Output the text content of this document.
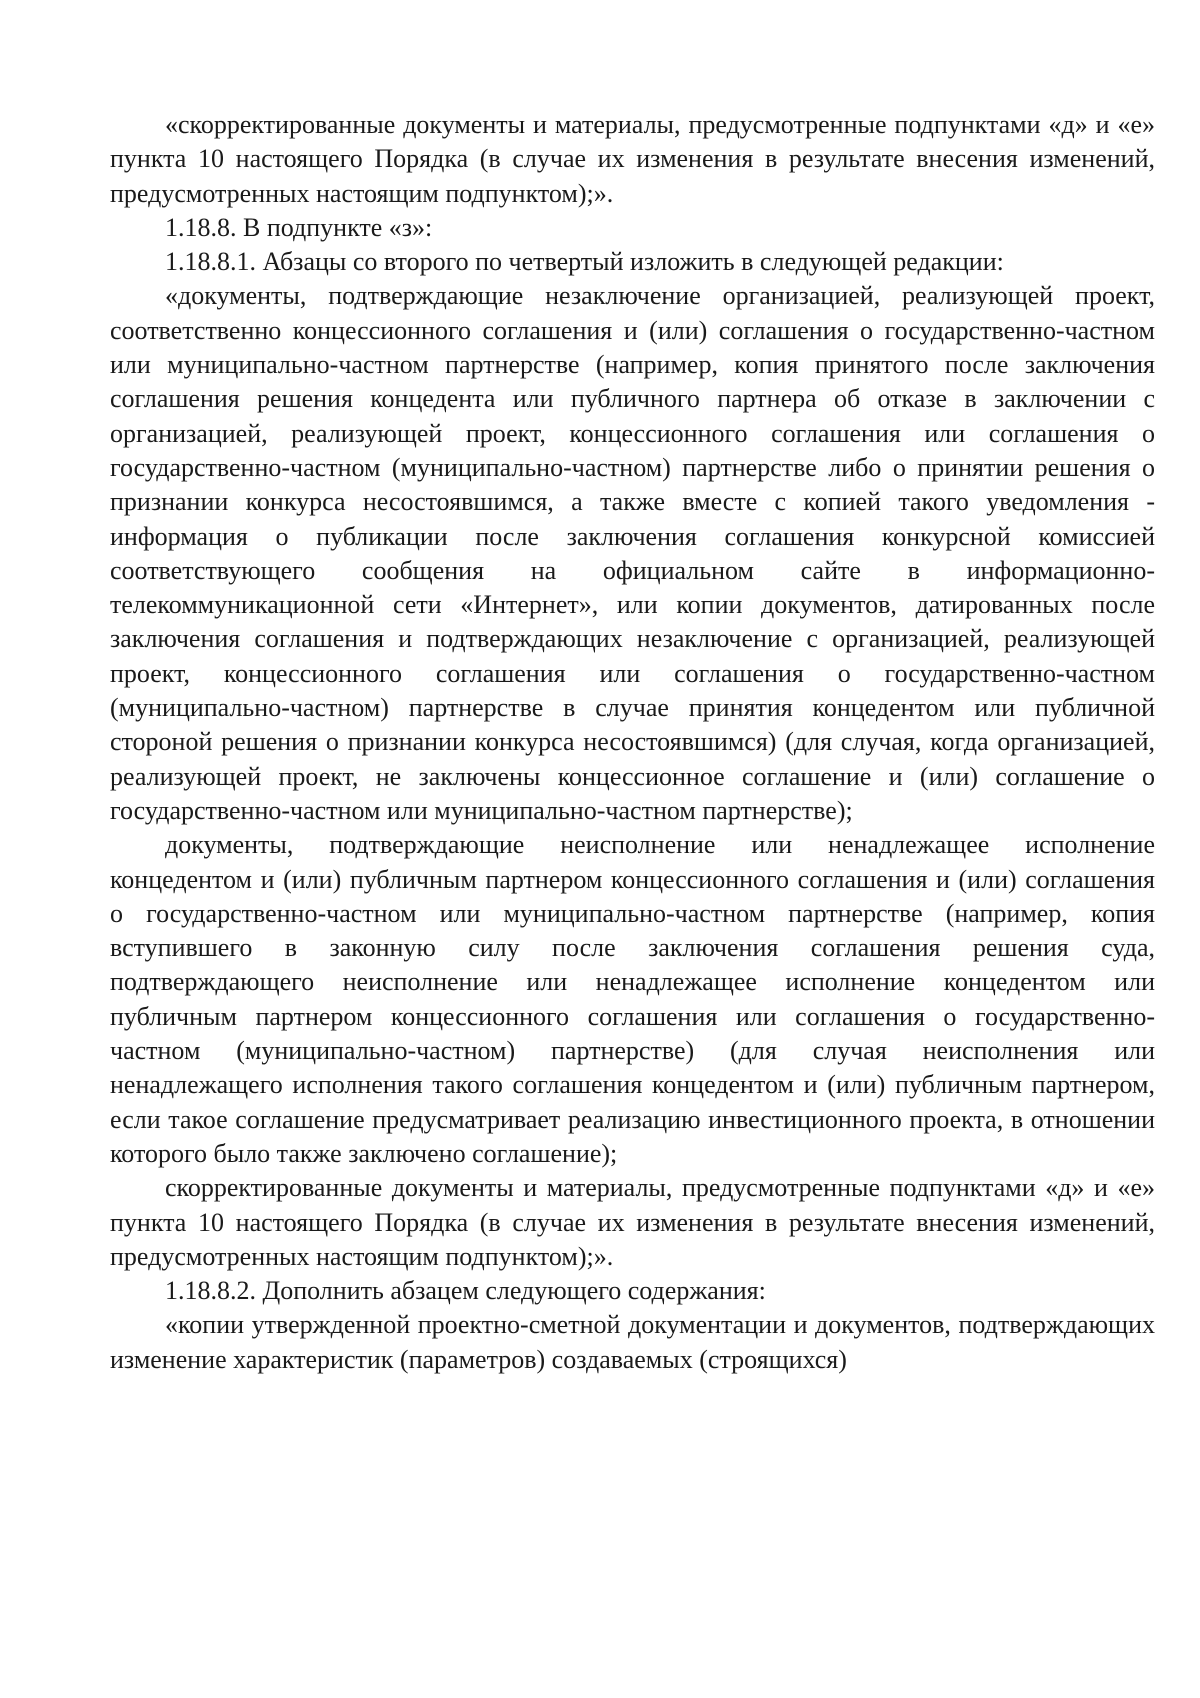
«скорректированные документы и материалы, предусмотренные подпунктами «д» и «е» пункта 10 настоящего Порядка (в случае их изменения в результате внесения изменений, предусмотренных настоящим подпунктом);».

1.18.8. В подпункте «з»:

1.18.8.1. Абзацы со второго по четвертый изложить в следующей редакции:

«документы, подтверждающие незаключение организацией, реализующей проект, соответственно концессионного соглашения и (или) соглашения о государственно-частном или муниципально-частном партнерстве (например, копия принятого после заключения соглашения решения концедента или публичного партнера об отказе в заключении с организацией, реализующей проект, концессионного соглашения или соглашения о государственно-частном (муниципально-частном) партнерстве либо о принятии решения о признании конкурса несостоявшимся, а также вместе с копией такого уведомления - информация о публикации после заключения соглашения конкурсной комиссией соответствующего сообщения на официальном сайте в информационно-телекоммуникационной сети «Интернет», или копии документов, датированных после заключения соглашения и подтверждающих незаключение с организацией, реализующей проект, концессионного соглашения или соглашения о государственно-частном (муниципально-частном) партнерстве в случае принятия концедентом или публичной стороной решения о признании конкурса несостоявшимся) (для случая, когда организацией, реализующей проект, не заключены концессионное соглашение и (или) соглашение о государственно-частном или муниципально-частном партнерстве);

документы, подтверждающие неисполнение или ненадлежащее исполнение концедентом и (или) публичным партнером концессионного соглашения и (или) соглашения о государственно-частном или муниципально-частном партнерстве (например, копия вступившего в законную силу после заключения соглашения решения суда, подтверждающего неисполнение или ненадлежащее исполнение концедентом или публичным партнером концессионного соглашения или соглашения о государственно-частном (муниципально-частном) партнерстве) (для случая неисполнения или ненадлежащего исполнения такого соглашения концедентом и (или) публичным партнером, если такое соглашение предусматривает реализацию инвестиционного проекта, в отношении которого было также заключено соглашение);

скорректированные документы и материалы, предусмотренные подпунктами «д» и «е» пункта 10 настоящего Порядка (в случае их изменения в результате внесения изменений, предусмотренных настоящим подпунктом);».

1.18.8.2. Дополнить абзацем следующего содержания:

«копии утвержденной проектно-сметной документации и документов, подтверждающих изменение характеристик (параметров) создаваемых (строящихся)
